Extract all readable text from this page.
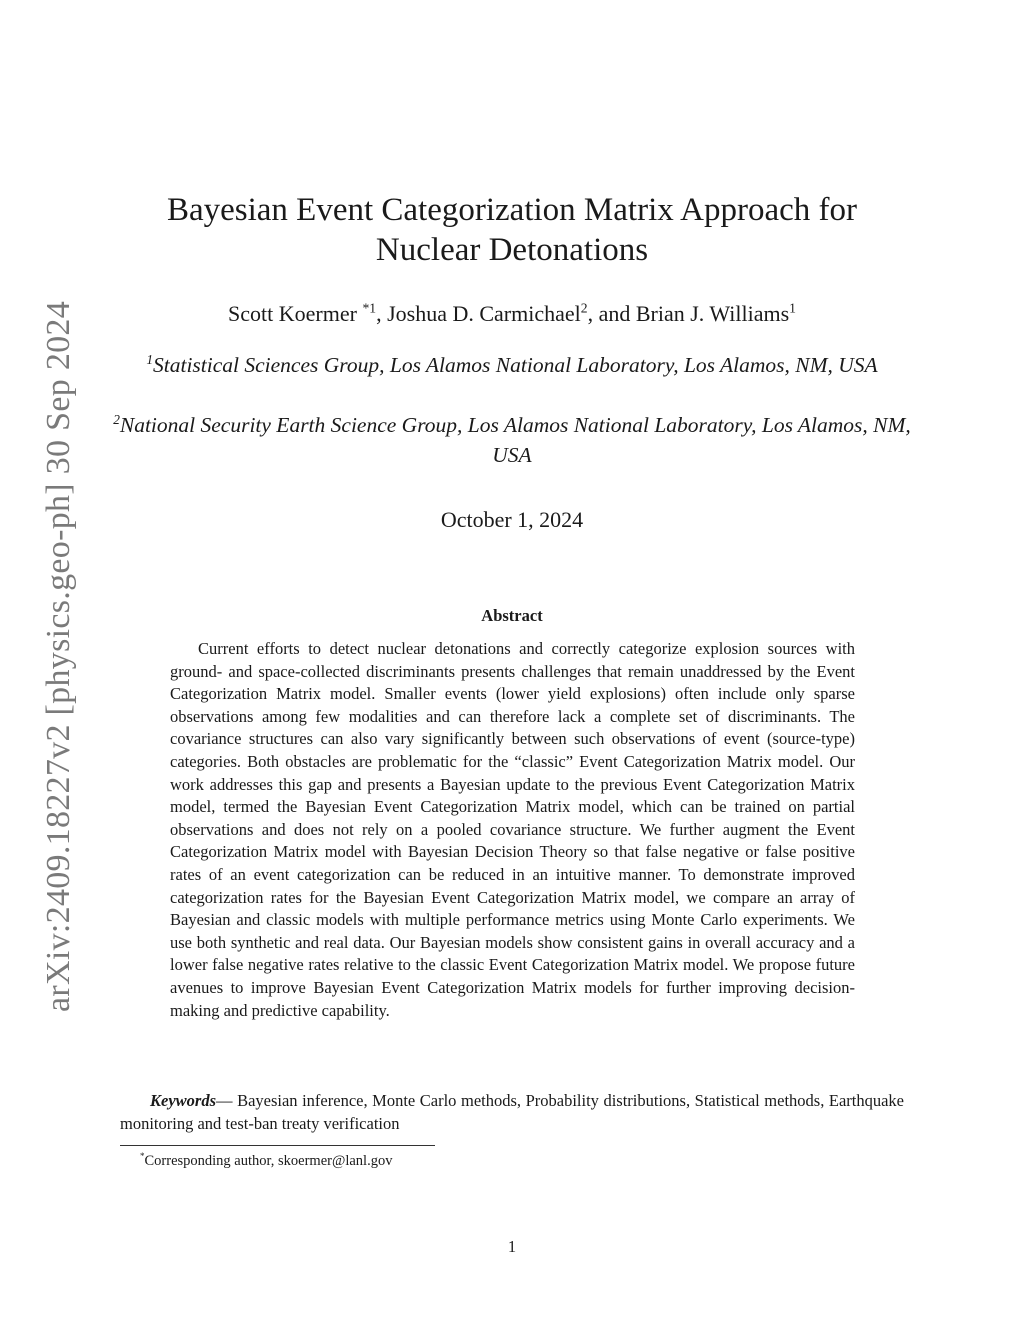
arXiv:2409.18227v2 [physics.geo-ph] 30 Sep 2024
Bayesian Event Categorization Matrix Approach for Nuclear Detonations
Scott Koermer $^{*1}$, Joshua D. Carmichael$^2$, and Brian J. Williams$^1$
$^1$Statistical Sciences Group, Los Alamos National Laboratory, Los Alamos, NM, USA
$^2$National Security Earth Science Group, Los Alamos National Laboratory, Los Alamos, NM, USA
October 1, 2024
Abstract

Current efforts to detect nuclear detonations and correctly categorize explosion sources with ground- and space-collected discriminants presents challenges that remain unaddressed by the Event Categorization Matrix model. Smaller events (lower yield explosions) often include only sparse observations among few modalities and can therefore lack a complete set of discriminants. The covariance structures can also vary significantly between such observations of event (source-type) categories. Both obstacles are problematic for the “classic” Event Categorization Matrix model. Our work addresses this gap and presents a Bayesian update to the previous Event Categorization Matrix model, termed the Bayesian Event Categorization Matrix model, which can be trained on partial observations and does not rely on a pooled covariance structure. We further augment the Event Categorization Matrix model with Bayesian Decision Theory so that false negative or false positive rates of an event categorization can be reduced in an intuitive manner. To demonstrate improved categorization rates for the Bayesian Event Categorization Matrix model, we compare an array of Bayesian and classic models with multiple performance metrics using Monte Carlo experiments. We use both synthetic and real data. Our Bayesian models show consistent gains in overall accuracy and a lower false negative rates relative to the classic Event Categorization Matrix model. We propose future avenues to improve Bayesian Event Categorization Matrix models for further improving decision-making and predictive capability.

Keywords— Bayesian inference, Monte Carlo methods, Probability distributions, Statistical methods, Earthquake monitoring and test-ban treaty verification

*Corresponding author, skoermer@lanl.gov
1
